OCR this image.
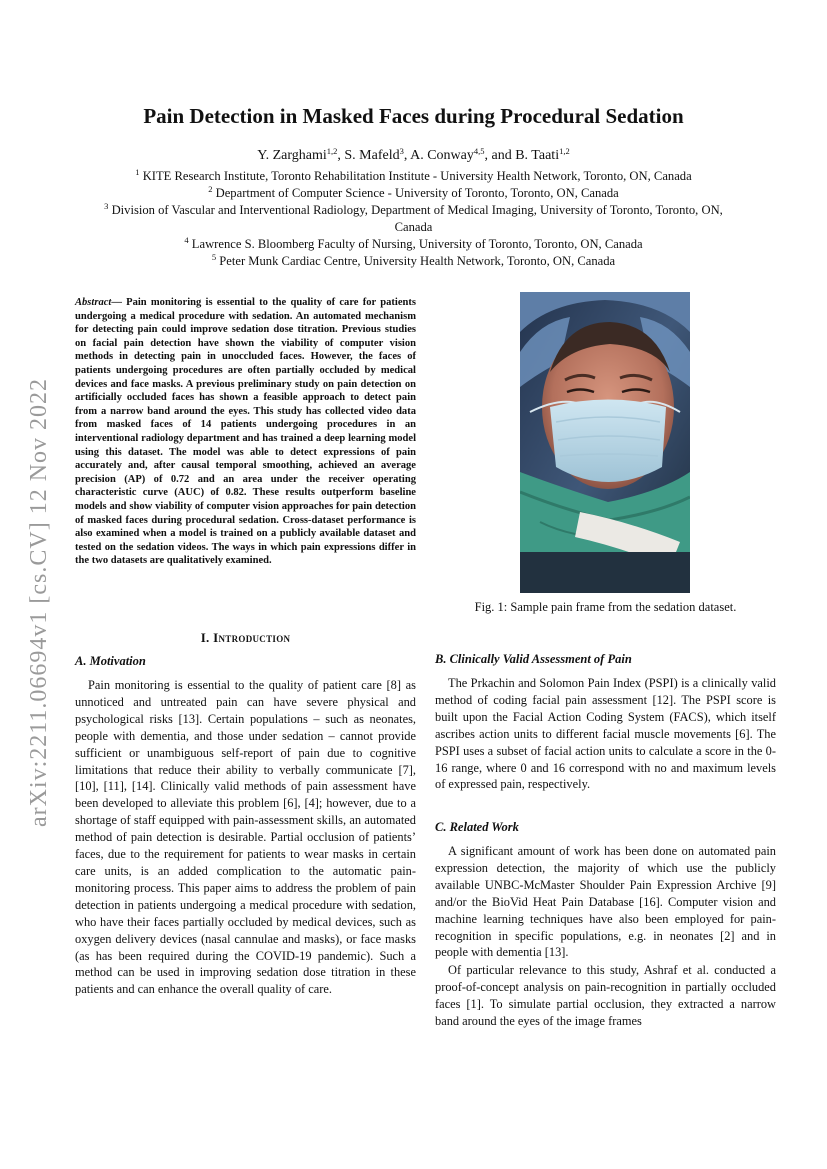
arXiv:2211.06694v1 [cs.CV] 12 Nov 2022
Pain Detection in Masked Faces during Procedural Sedation

Y. Zarghami$^{1,2}$, S. Mafeld$^3$, A. Conway$^{4,5}$, and B. Taati$^{1,2}$

$^1$ KITE Research Institute, Toronto Rehabilitation Institute - University Health Network, Toronto, ON, Canada
$^2$ Department of Computer Science - University of Toronto, Toronto, ON, Canada
$^3$ Division of Vascular and Interventional Radiology, Department of Medical Imaging, University of Toronto, Toronto, ON, Canada
$^4$ Lawrence S. Bloomberg Faculty of Nursing, University of Toronto, Toronto, ON, Canada
$^5$ Peter Munk Cardiac Centre, University Health Network, Toronto, ON, Canada

Abstract— Pain monitoring is essential to the quality of care for patients undergoing a medical procedure with sedation. An automated mechanism for detecting pain could improve sedation dose titration. Previous studies on facial pain detection have shown the viability of computer vision methods in detecting pain in unoccluded faces. However, the faces of patients undergoing procedures are often partially occluded by medical devices and face masks. A previous preliminary study on pain detection on artificially occluded faces has shown a feasible approach to detect pain from a narrow band around the eyes. This study has collected video data from masked faces of 14 patients undergoing procedures in an interventional radiology department and has trained a deep learning model using this dataset. The model was able to detect expressions of pain accurately and, after causal temporal smoothing, achieved an average precision (AP) of 0.72 and an area under the receiver operating characteristic curve (AUC) of 0.82. These results outperform baseline models and show viability of computer vision approaches for pain detection of masked faces during procedural sedation. Cross-dataset performance is also examined when a model is trained on a publicly available dataset and tested on the sedation videos. The ways in which pain expressions differ in the two datasets are qualitatively examined.

I. Introduction
A. Motivation

Pain monitoring is essential to the quality of patient care [8] as unnoticed and untreated pain can have severe physical and psychological risks [13]. Certain populations – such as neonates, people with dementia, and those under sedation – cannot provide sufficient or unambiguous self-report of pain due to cognitive limitations that reduce their ability to verbally communicate [7], [10], [11], [14]. Clinically valid methods of pain assessment have been developed to alleviate this problem [6], [4]; however, due to a shortage of staff equipped with pain-assessment skills, an automated method of pain detection is desirable. Partial occlusion of patients’ faces, due to the requirement for patients to wear masks in certain care units, is an added complication to the automatic pain-monitoring process. This paper aims to address the problem of pain detection in patients undergoing a medical procedure with sedation, who have their faces partially occluded by medical devices, such as oxygen delivery devices (nasal cannulae and masks), or face masks (as has been required during the COVID-19 pandemic). Such a method can be used in improving sedation dose titration in these patients and can enhance the overall quality of care.

Fig. 1: Sample pain frame from the sedation dataset.

B. Clinically Valid Assessment of Pain

The Prkachin and Solomon Pain Index (PSPI) is a clinically valid method of coding facial pain assessment [12]. The PSPI score is built upon the Facial Action Coding System (FACS), which itself ascribes action units to different facial muscle movements [6]. The PSPI uses a subset of facial action units to calculate a score in the 0-16 range, where 0 and 16 correspond with no and maximum levels of expressed pain, respectively.

C. Related Work

A significant amount of work has been done on automated pain expression detection, the majority of which use the publicly available UNBC-McMaster Shoulder Pain Expression Archive [9] and/or the BioVid Heat Pain Database [16]. Computer vision and machine learning techniques have also been employed for pain-recognition in specific populations, e.g. in neonates [2] and in people with dementia [13].

Of particular relevance to this study, Ashraf et al. conducted a proof-of-concept analysis on pain-recognition in partially occluded faces [1]. To simulate partial occlusion, they extracted a narrow band around the eyes of the image frames
